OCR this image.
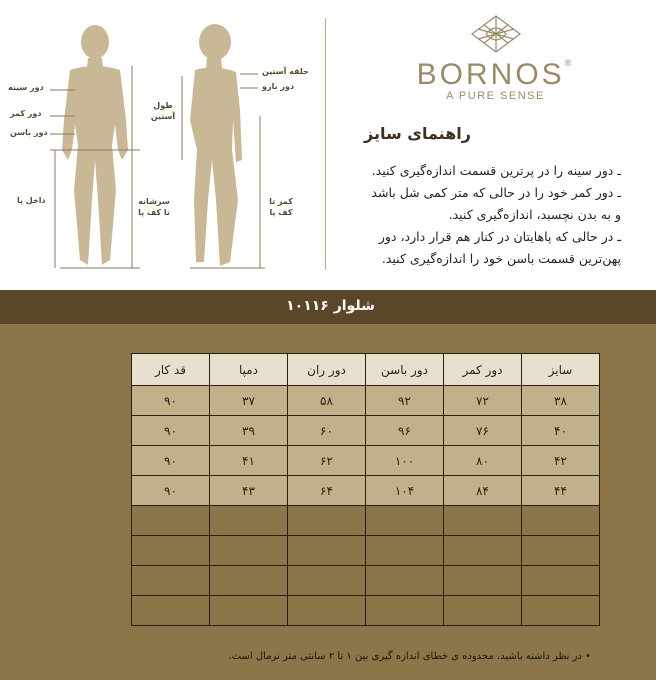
دور سینه
دور کمر
دور باسن
داخل پا	سرشانه تا کف پا
حلقه آستین
دور بازو
طول آستین
کمر تا کف پا
BORNOS®
A PURE SENSE
راهنمای سایز
ـ دور سینه را در پرترین قسمت اندازه‌گیری کنید.
ـ دور کمر خود را در حالی که متر کمی شل باشد
و به بدن نچسبد، اندازه‌گیری کنید.
ـ در حالی که پاهایتان در کنار هم قرار دارد، دور
پهن‌ترین قسمت باسن خود را اندازه‌گیری کنید.
شلوار ۱۰۱۱۶
سایز	دور کمر	دور باسن	دور ران	دمپا	قد کار
۳۸	۷۲	۹۲	۵۸	۳۷	۹۰
۴۰	۷۶	۹۶	۶۰	۳۹	۹۰
۴۲	۸۰	۱۰۰	۶۲	۴۱	۹۰
۴۴	۸۴	۱۰۴	۶۴	۴۳	۹۰

• در نظر داشته باشید، محدوده ی خطای اندازه گیری بین ۱ تا ۲ سانتی متر نرمال است.
